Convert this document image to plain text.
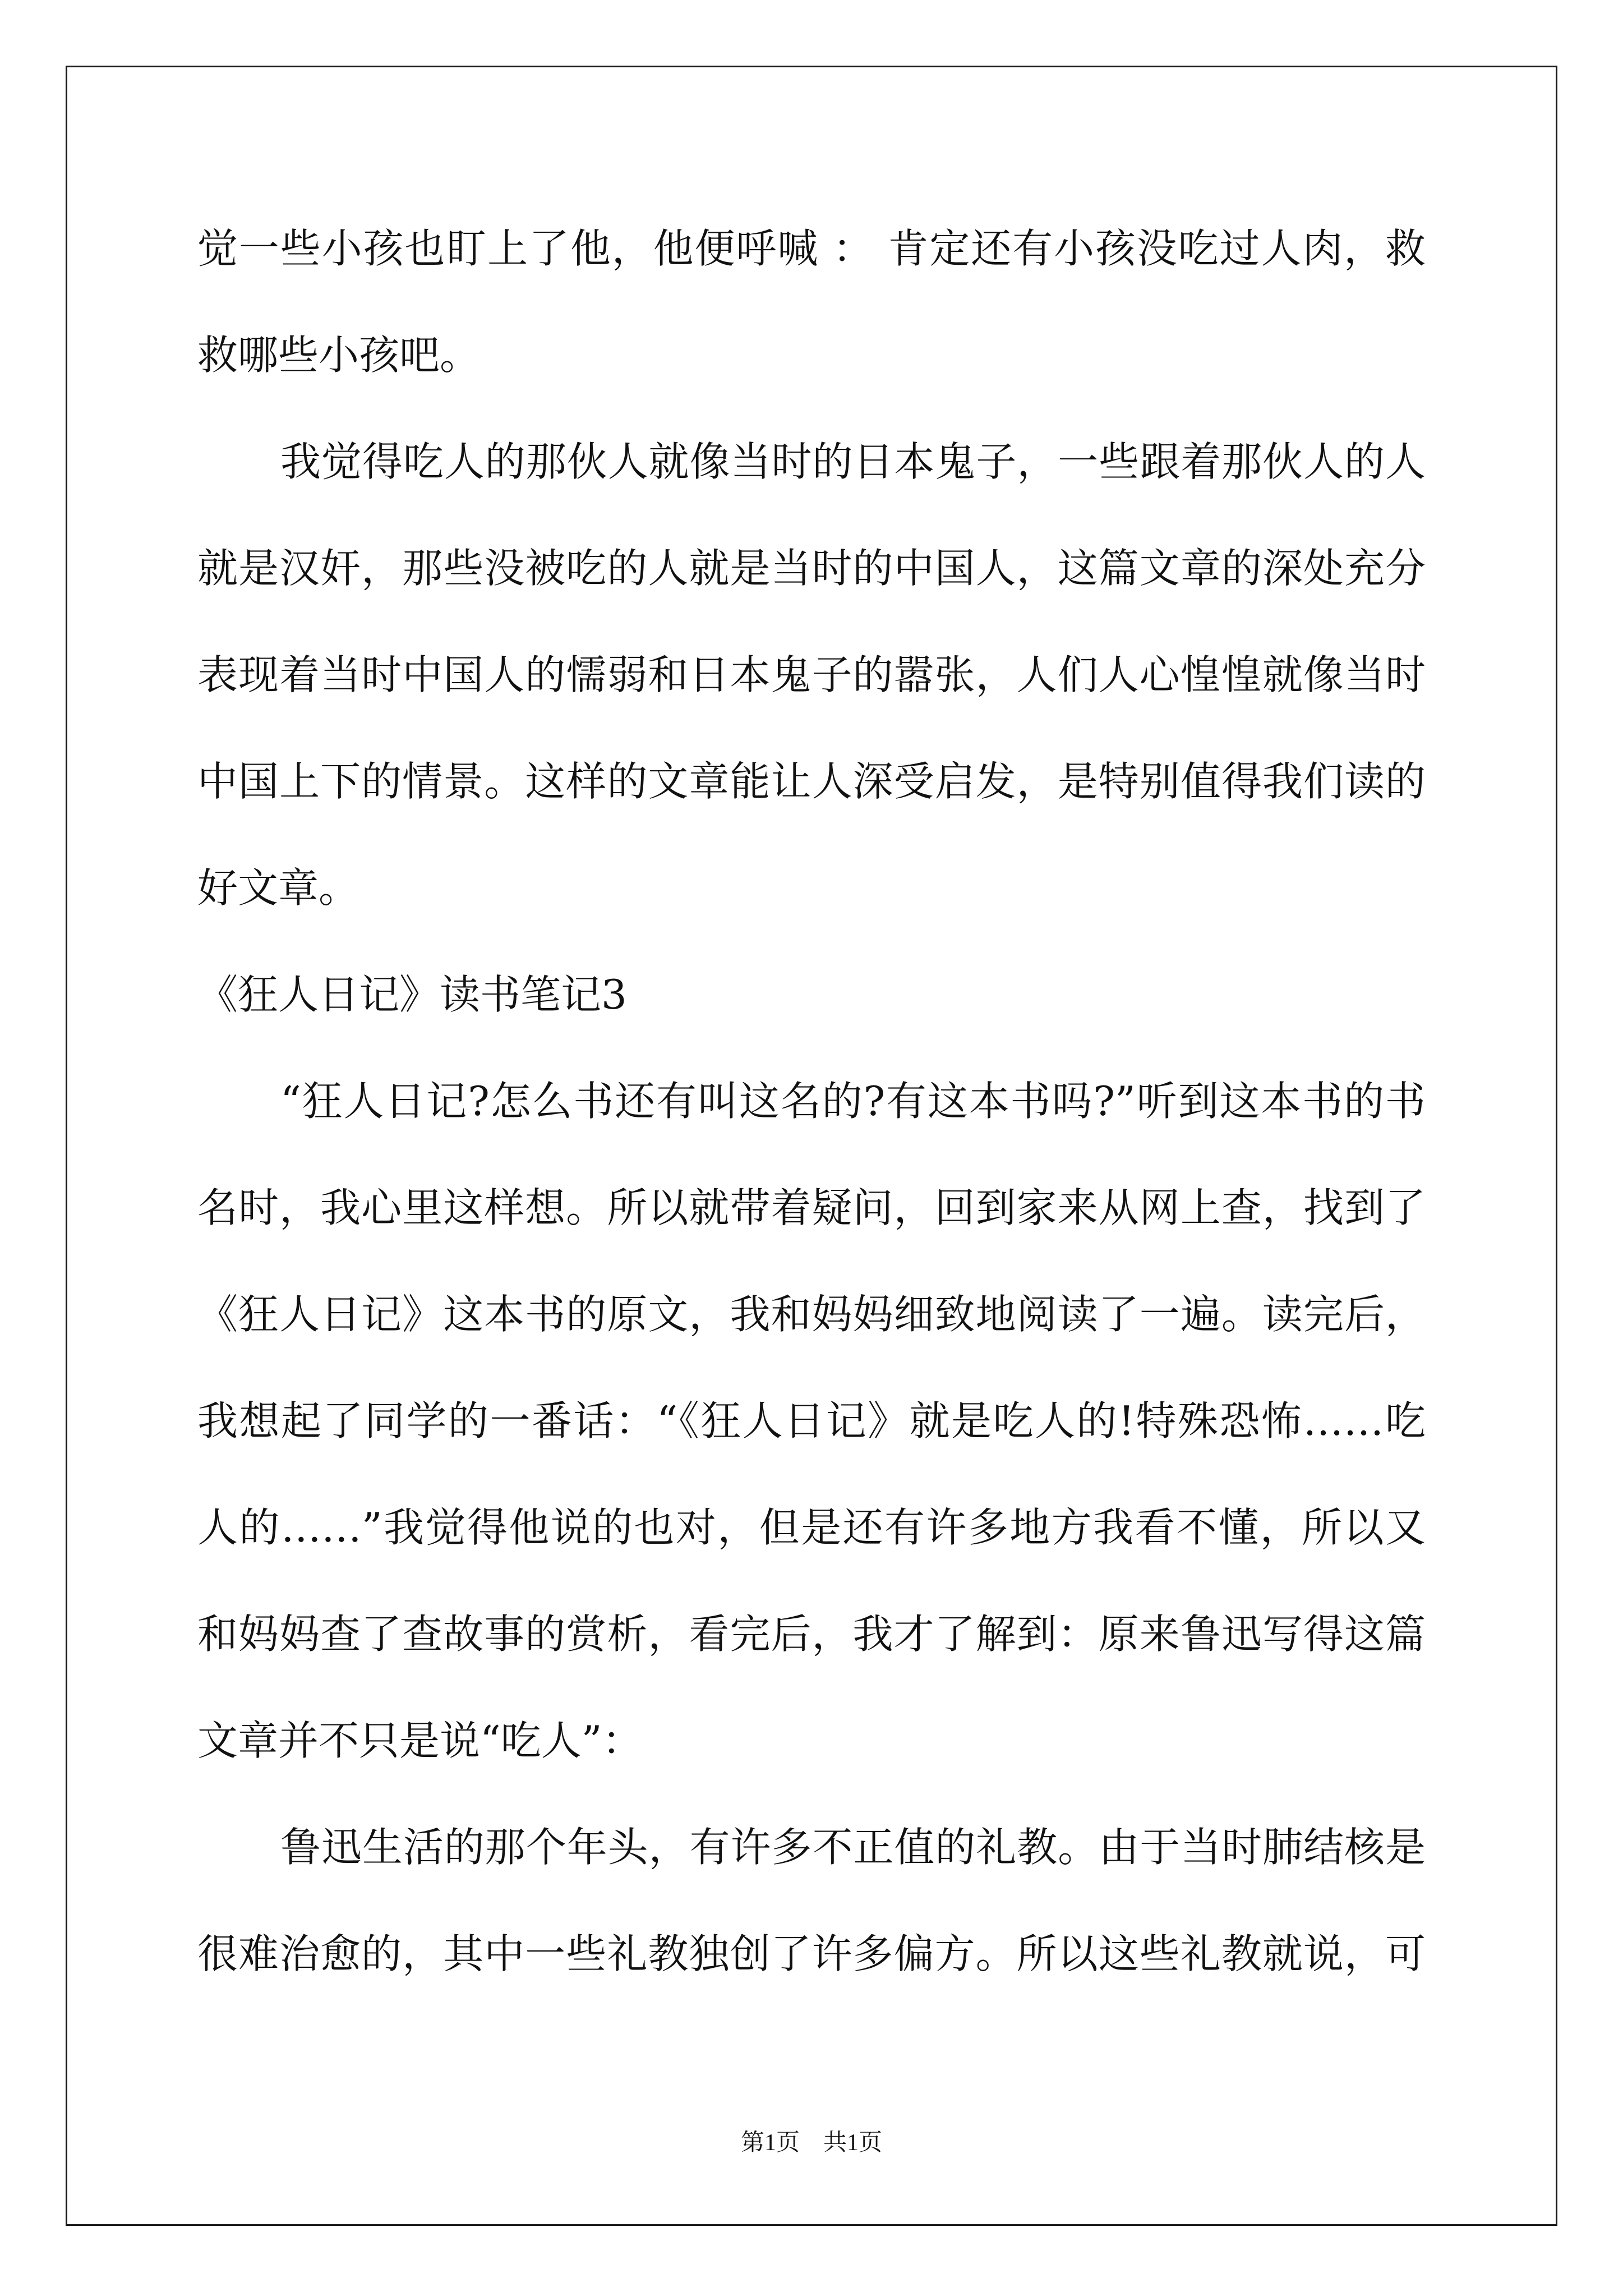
觉一些小孩也盯上了他，他便呼喊 ： 肯定还有小孩没吃过人肉，救
救哪些小孩吧。
我觉得吃人的那伙人就像当时的日本鬼子，一些跟着那伙人的人
就是汉奸，那些没被吃的人就是当时的中国人，这篇文章的深处充分
表现着当时中国人的懦弱和日本鬼子的嚣张，人们人心惶惶就像当时
中国上下的情景。这样的文章能让人深受启发，是特别值得我们读的
好文章。
《狂人日记》读书笔记3
“狂人日记?怎么书还有叫这名的?有这本书吗?”听到这本书的书
名时，我心里这样想。所以就带着疑问，回到家来从网上查，找到了
《狂人日记》这本书的原文，我和妈妈细致地阅读了一遍。读完后，
我想起了同学的一番话：“《狂人日记》就是吃人的!特殊恐怖……吃
人的……”我觉得他说的也对，但是还有许多地方我看不懂，所以又
和妈妈查了查故事的赏析，看完后，我才了解到：原来鲁迅写得这篇
文章并不只是说“吃人”：
鲁迅生活的那个年头，有许多不正值的礼教。由于当时肺结核是
很难治愈的，其中一些礼教独创了许多偏方。所以这些礼教就说，可
第1页　共1页
